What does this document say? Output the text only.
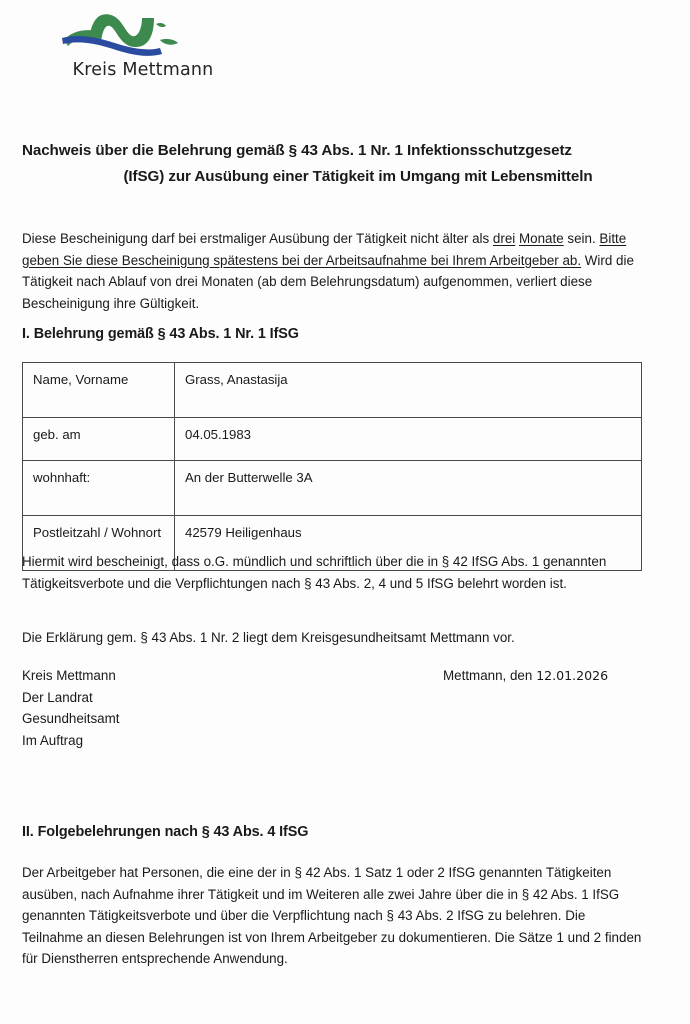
Kreis Mettmann
Nachweis über die Belehrung gemäß § 43 Abs. 1 Nr. 1 Infektionsschutzgesetz
(IfSG) zur Ausübung einer Tätigkeit im Umgang mit Lebensmitteln
Diese Bescheinigung darf bei erstmaliger Ausübung der Tätigkeit nicht älter als drei Monate sein. Bitte geben Sie diese Bescheinigung spätestens bei der Arbeitsaufnahme bei Ihrem Arbeitgeber ab. Wird die Tätigkeit nach Ablauf von drei Monaten (ab dem Belehrungsdatum) aufgenommen, verliert diese Bescheinigung ihre Gültigkeit.
I. Belehrung gemäß § 43 Abs. 1 Nr. 1 IfSG
Name, Vorname	Grass, Anastasija
geb. am	04.05.1983
wohnhaft:	An der Butterwelle 3A
Postleitzahl / Wohnort	42579 Heiligenhaus
Hiermit wird bescheinigt, dass o.G. mündlich und schriftlich über die in § 42 IfSG Abs. 1 genannten Tätigkeitsverbote und die Verpflichtungen nach § 43 Abs. 2, 4 und 5 IfSG belehrt worden ist.
Die Erklärung gem. § 43 Abs. 1 Nr. 2 liegt dem Kreisgesundheitsamt Mettmann vor.
Kreis Mettmann
Der Landrat
Gesundheitsamt
Im Auftrag
Mettmann, den 12.01.2026
II. Folgebelehrungen nach § 43 Abs. 4 IfSG
Der Arbeitgeber hat Personen, die eine der in § 42 Abs. 1 Satz 1 oder 2 IfSG genannten Tätigkeiten ausüben, nach Aufnahme ihrer Tätigkeit und im Weiteren alle zwei Jahre über die in § 42 Abs. 1 IfSG genannten Tätigkeitsverbote und über die Verpflichtung nach § 43 Abs. 2 IfSG zu belehren. Die Teilnahme an diesen Belehrungen ist von Ihrem Arbeitgeber zu dokumentieren. Die Sätze 1 und 2 finden für Dienstherren entsprechende Anwendung.
